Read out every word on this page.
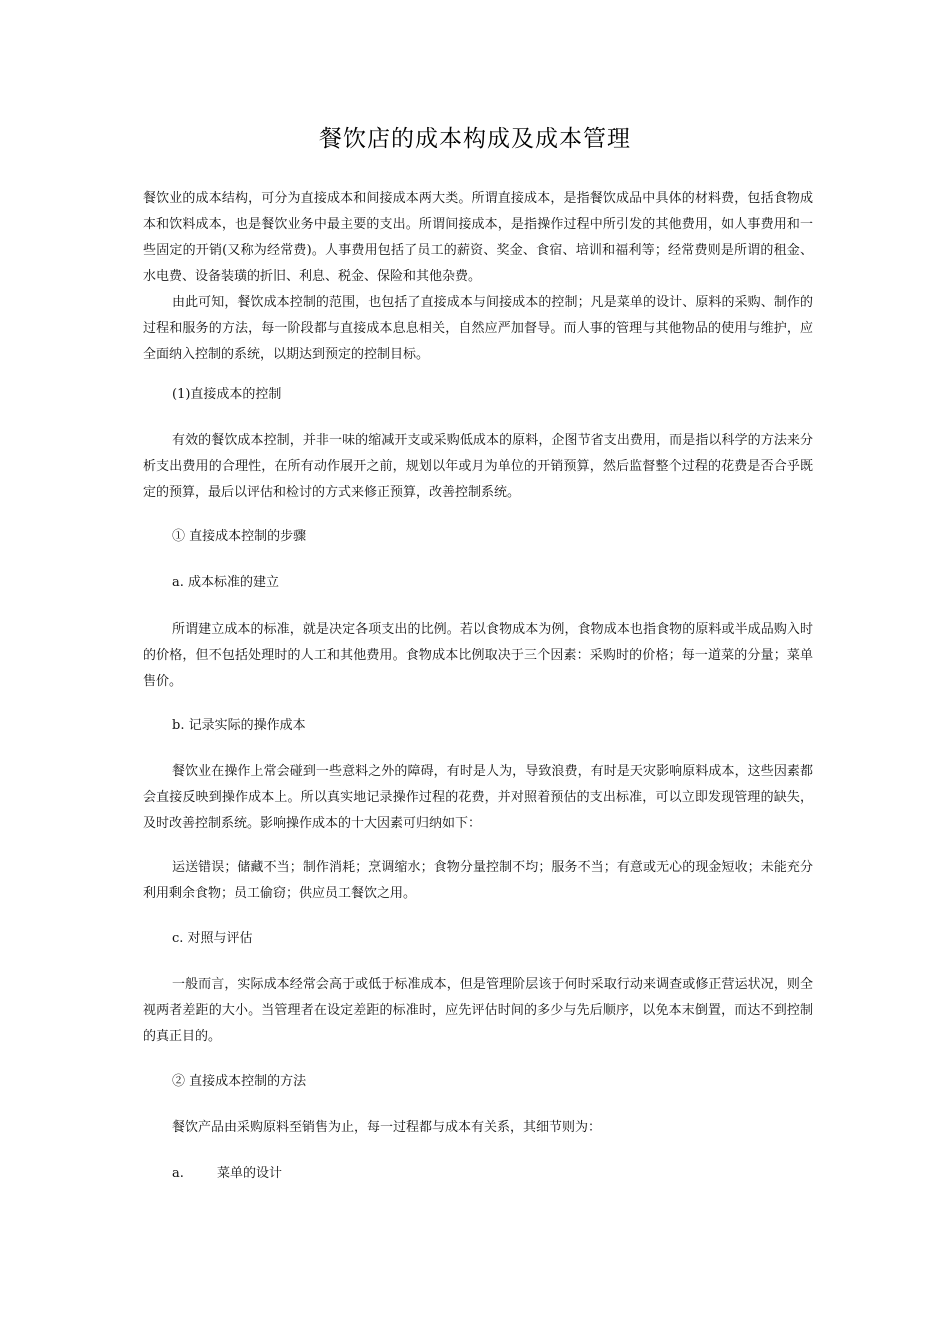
餐饮店的成本构成及成本管理

餐饮业的成本结构，可分为直接成本和间接成本两大类。所谓直接成本，是指餐饮成品中具体的材料费，包括食物成本和饮料成本，也是餐饮业务中最主要的支出。所谓间接成本，是指操作过程中所引发的其他费用，如人事费用和一些固定的开销(又称为经常费)。人事费用包括了员工的薪资、奖金、食宿、培训和福利等；经常费则是所谓的租金、水电费、设备装璜的折旧、利息、税金、保险和其他杂费。

由此可知，餐饮成本控制的范围，也包括了直接成本与间接成本的控制；凡是菜单的设计、原料的采购、制作的过程和服务的方法，每一阶段都与直接成本息息相关，自然应严加督导。而人事的管理与其他物品的使用与维护，应全面纳入控制的系统，以期达到预定的控制目标。

(1)直接成本的控制
有效的餐饮成本控制，并非一味的缩减开支或采购低成本的原料，企图节省支出费用，而是指以科学的方法来分析支出费用的合理性，在所有动作展开之前，规划以年或月为单位的开销预算，然后监督整个过程的花费是否合乎既定的预算，最后以评估和检讨的方式来修正预算，改善控制系统。
① 直接成本控制的步骤
a. 成本标准的建立
所谓建立成本的标准，就是决定各项支出的比例。若以食物成本为例，食物成本也指食物的原料或半成品购入时的价格，但不包括处理时的人工和其他费用。食物成本比例取决于三个因素：采购时的价格；每一道菜的分量；菜单售价。
b. 记录实际的操作成本
餐饮业在操作上常会碰到一些意料之外的障碍，有时是人为，导致浪费，有时是天灾影响原料成本，这些因素都会直接反映到操作成本上。所以真实地记录操作过程的花费，并对照着预估的支出标准，可以立即发现管理的缺失，及时改善控制系统。影响操作成本的十大因素可归纳如下：
运送错误；储藏不当；制作消耗；烹调缩水；食物分量控制不均；服务不当；有意或无心的现金短收；未能充分利用剩余食物；员工偷窃；供应员工餐饮之用。
c. 对照与评估
一般而言，实际成本经常会高于或低于标准成本，但是管理阶层该于何时采取行动来调查或修正营运状况，则全视两者差距的大小。当管理者在设定差距的标准时，应先评估时间的多少与先后顺序，以免本末倒置，而达不到控制的真正目的。
② 直接成本控制的方法
餐饮产品由采购原料至销售为止，每一过程都与成本有关系，其细节则为：
a.        菜单的设计
